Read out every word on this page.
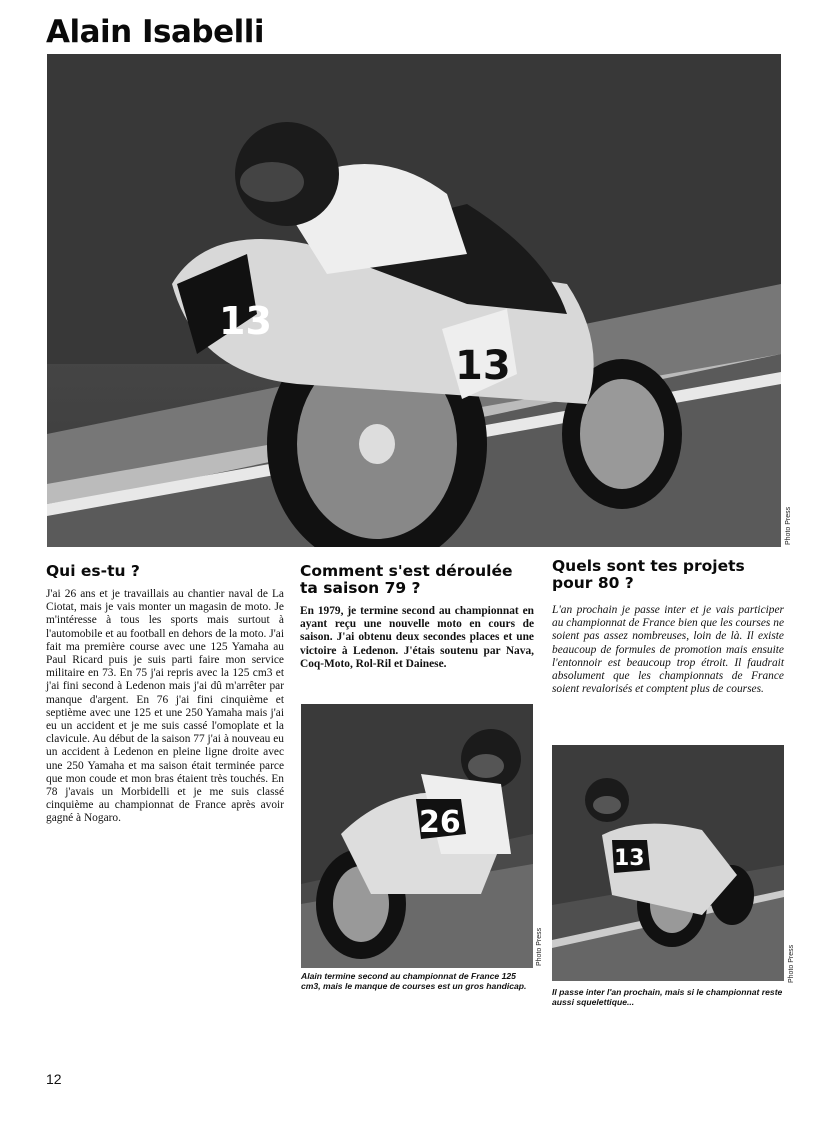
Alain Isabelli
13
13
Photo Press
Qui es-tu ?

J'ai 26 ans et je travaillais au chantier naval de La Ciotat, mais je vais monter un magasin de moto. Je m'intéresse à tous les sports mais surtout à l'automobile et au football en dehors de la moto. J'ai fait ma première course avec une 125 Yamaha au Paul Ricard puis je suis parti faire mon service militaire en 73. En 75 j'ai repris avec la 125 cm3 et j'ai fini second à Ledenon mais j'ai dû m'arrêter par manque d'argent. En 76 j'ai fini cinquième et septième avec une 125 et une 250 Yamaha mais j'ai eu un accident et je me suis cassé l'omoplate et la clavicule. Au début de la saison 77 j'ai à nouveau eu un accident à Ledenon en pleine ligne droite avec une 250 Yamaha et ma saison était terminée parce que mon coude et mon bras étaient très touchés. En 78 j'avais un Morbidelli et je me suis classé cinquième au championnat de France après avoir gagné à Nogaro.

Comment s'est déroulée ta saison 79 ?

En 1979, je termine second au championnat en ayant reçu une nouvelle moto en cours de saison. J'ai obtenu deux secondes places et une victoire à Ledenon. J'étais soutenu par Nava, Coq-Moto, Rol-Ril et Dainese.

26
Photo Press

Alain termine second au championnat de France 125 cm3, mais le manque de courses est un gros handicap.

Quels sont tes projets pour 80 ?

L'an prochain je passe inter et je vais participer au championnat de France bien que les courses ne soient pas assez nombreuses, loin de là. Il existe beaucoup de formules de promotion mais ensuite l'entonnoir est beaucoup trop étroit. Il faudrait absolument que les championnats de France soient revalorisés et comptent plus de courses.

13
Photo Press

Il passe inter l'an prochain, mais si le championnat reste aussi squelettique...

12
